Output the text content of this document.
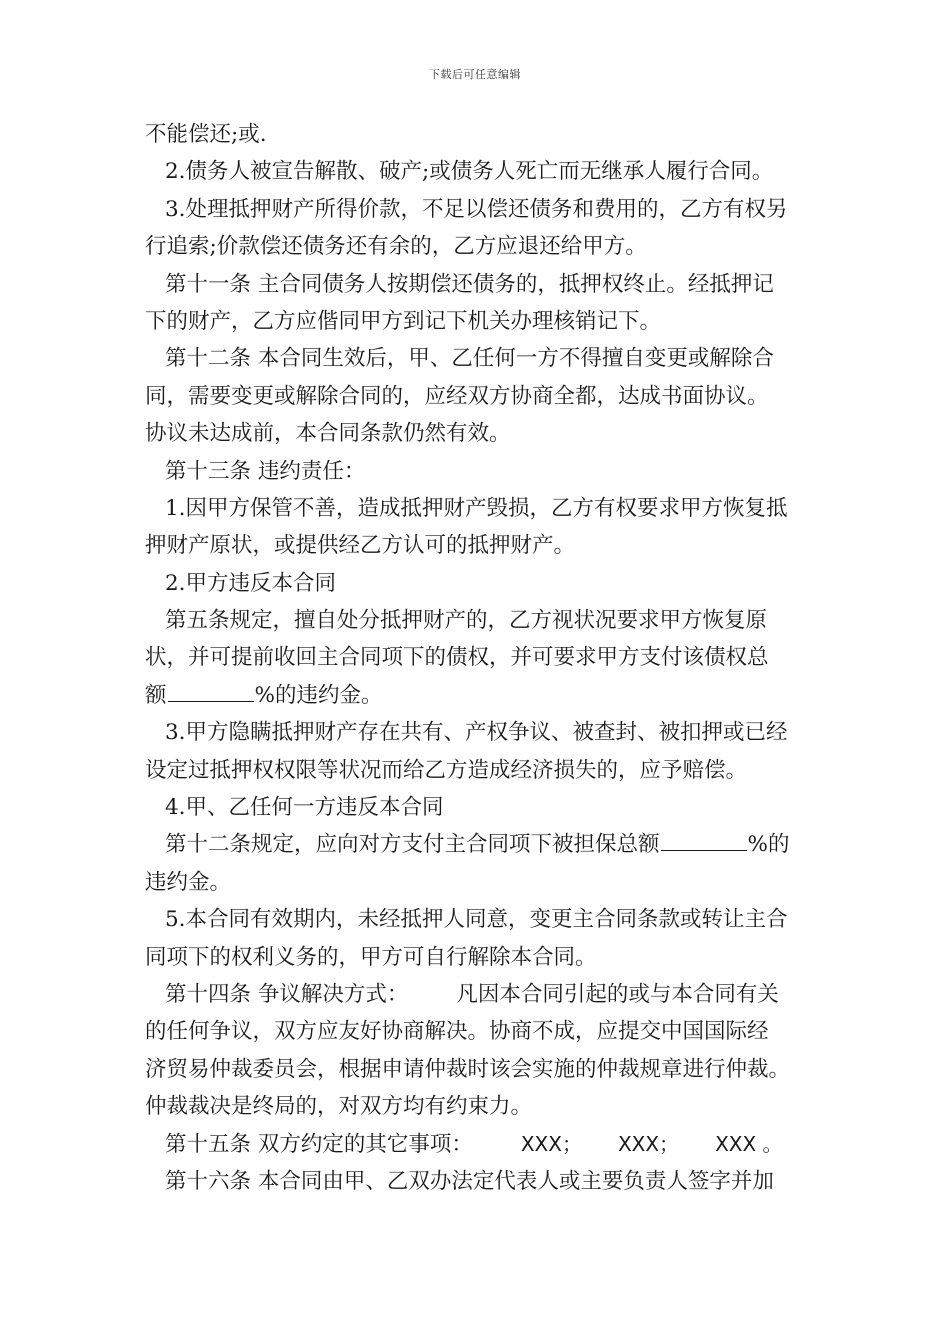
下载后可任意编辑
不能偿还;或.
2.债务人被宣告解散、破产;或债务人死亡而无继承人履行合同。
3.处理抵押财产所得价款，不足以偿还债务和费用的，乙方有权另
行追索;价款偿还债务还有余的，乙方应退还给甲方。
第十一条 主合同债务人按期偿还债务的，抵押权终止。经抵押记
下的财产，乙方应偕同甲方到记下机关办理核销记下。
第十二条 本合同生效后，甲、乙任何一方不得擅自变更或解除合
同，需要变更或解除合同的，应经双方协商全都，达成书面协议。
协议未达成前，本合同条款仍然有效。
第十三条 违约责任：
1.因甲方保管不善，造成抵押财产毁损，乙方有权要求甲方恢复抵
押财产原状，或提供经乙方认可的抵押财产。
2.甲方违反本合同
第五条规定，擅自处分抵押财产的，乙方视状况要求甲方恢复原
状，并可提前收回主合同项下的债权，并可要求甲方支付该债权总
额	%的违约金。
3.甲方隐瞒抵押财产存在共有、产权争议、被查封、被扣押或已经
设定过抵押权权限等状况而给乙方造成经济损失的，应予赔偿。
4.甲、乙任何一方违反本合同
第十二条规定，应向对方支付主合同项下被担保总额	%的
违约金。
5.本合同有效期内，未经抵押人同意，变更主合同条款或转让主合
同项下的权利义务的，甲方可自行解除本合同。
第十四条 争议解决方式： 凡因本合同引起的或与本合同有关
的任何争议，双方应友好协商解决。协商不成，应提交中国国际经
济贸易仲裁委员会，根据申请仲裁时该会实施的仲裁规章进行仲裁。
仲裁裁决是终局的，对双方均有约束力。
第十五条 双方约定的其它事项： XXX； XXX； XXX 。
第十六条 本合同由甲、乙双办法定代表人或主要负责人签字并加
